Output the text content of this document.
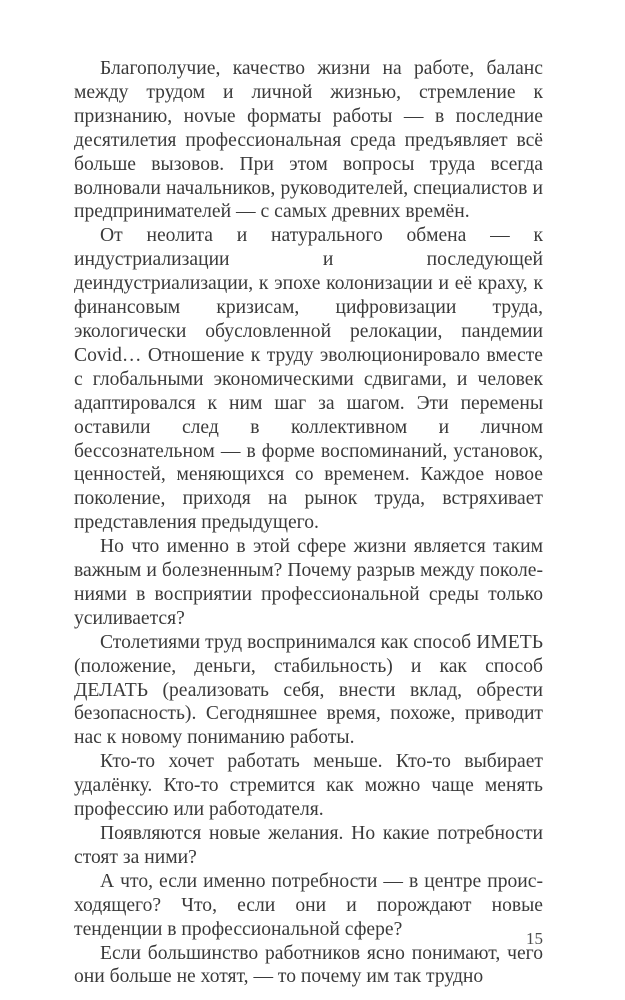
Благополучие, качество жизни на работе, баланс между трудом и личной жизнью, стремление к признанию, ноvые форматы работы — в последние десятилетия профессиональная среда предъявляет всё больше вызовов. При этом вопросы труда всегда волновали начальников, руководителей, специалистов и предпринимателей — с самых древних времён.

От неолита и натурального обмена — к индустриализации и последующей деиндустриализации, к эпохе колонизации и её краху, к финансовым кризисам, цифровизации труда, экологически обусловленной релокации, пандемии Covid… Отношение к труду эволюционировало вместе с глобальными экономическими сдвигами, и человек адаптировался к ним шаг за шагом. Эти перемены оставили след в коллективном и личном бессознательном — в форме воспоминаний, установок, ценностей, меняющихся со временем. Каждое новое поколение, приходя на рынок труда, встряхивает представления предыдущего.

Но что именно в этой сфере жизни является таким важным и болезненным? Почему разрыв между поколениями в восприятии профессиональной среды только усиливается?

Столетиями труд воспринимался как способ ИМЕТЬ (положение, деньги, стабильность) и как способ ДЕЛАТЬ (реализовать себя, внести вклад, обрести безопасность). Сегодняшнее время, похоже, приводит нас к новому пониманию работы.

Кто-то хочет работать меньше. Кто-то выбирает удалёнку. Кто-то стремится как можно чаще менять профессию или работодателя.

Появляются новые желания. Но какие потребности стоят за ними?

А что, если именно потребности — в центре происходящего? Что, если они и порождают новые тенденции в профессиональной сфере?

Если большинство работников ясно понимают, чего они больше не хотят, — то почему им так трудно

15
